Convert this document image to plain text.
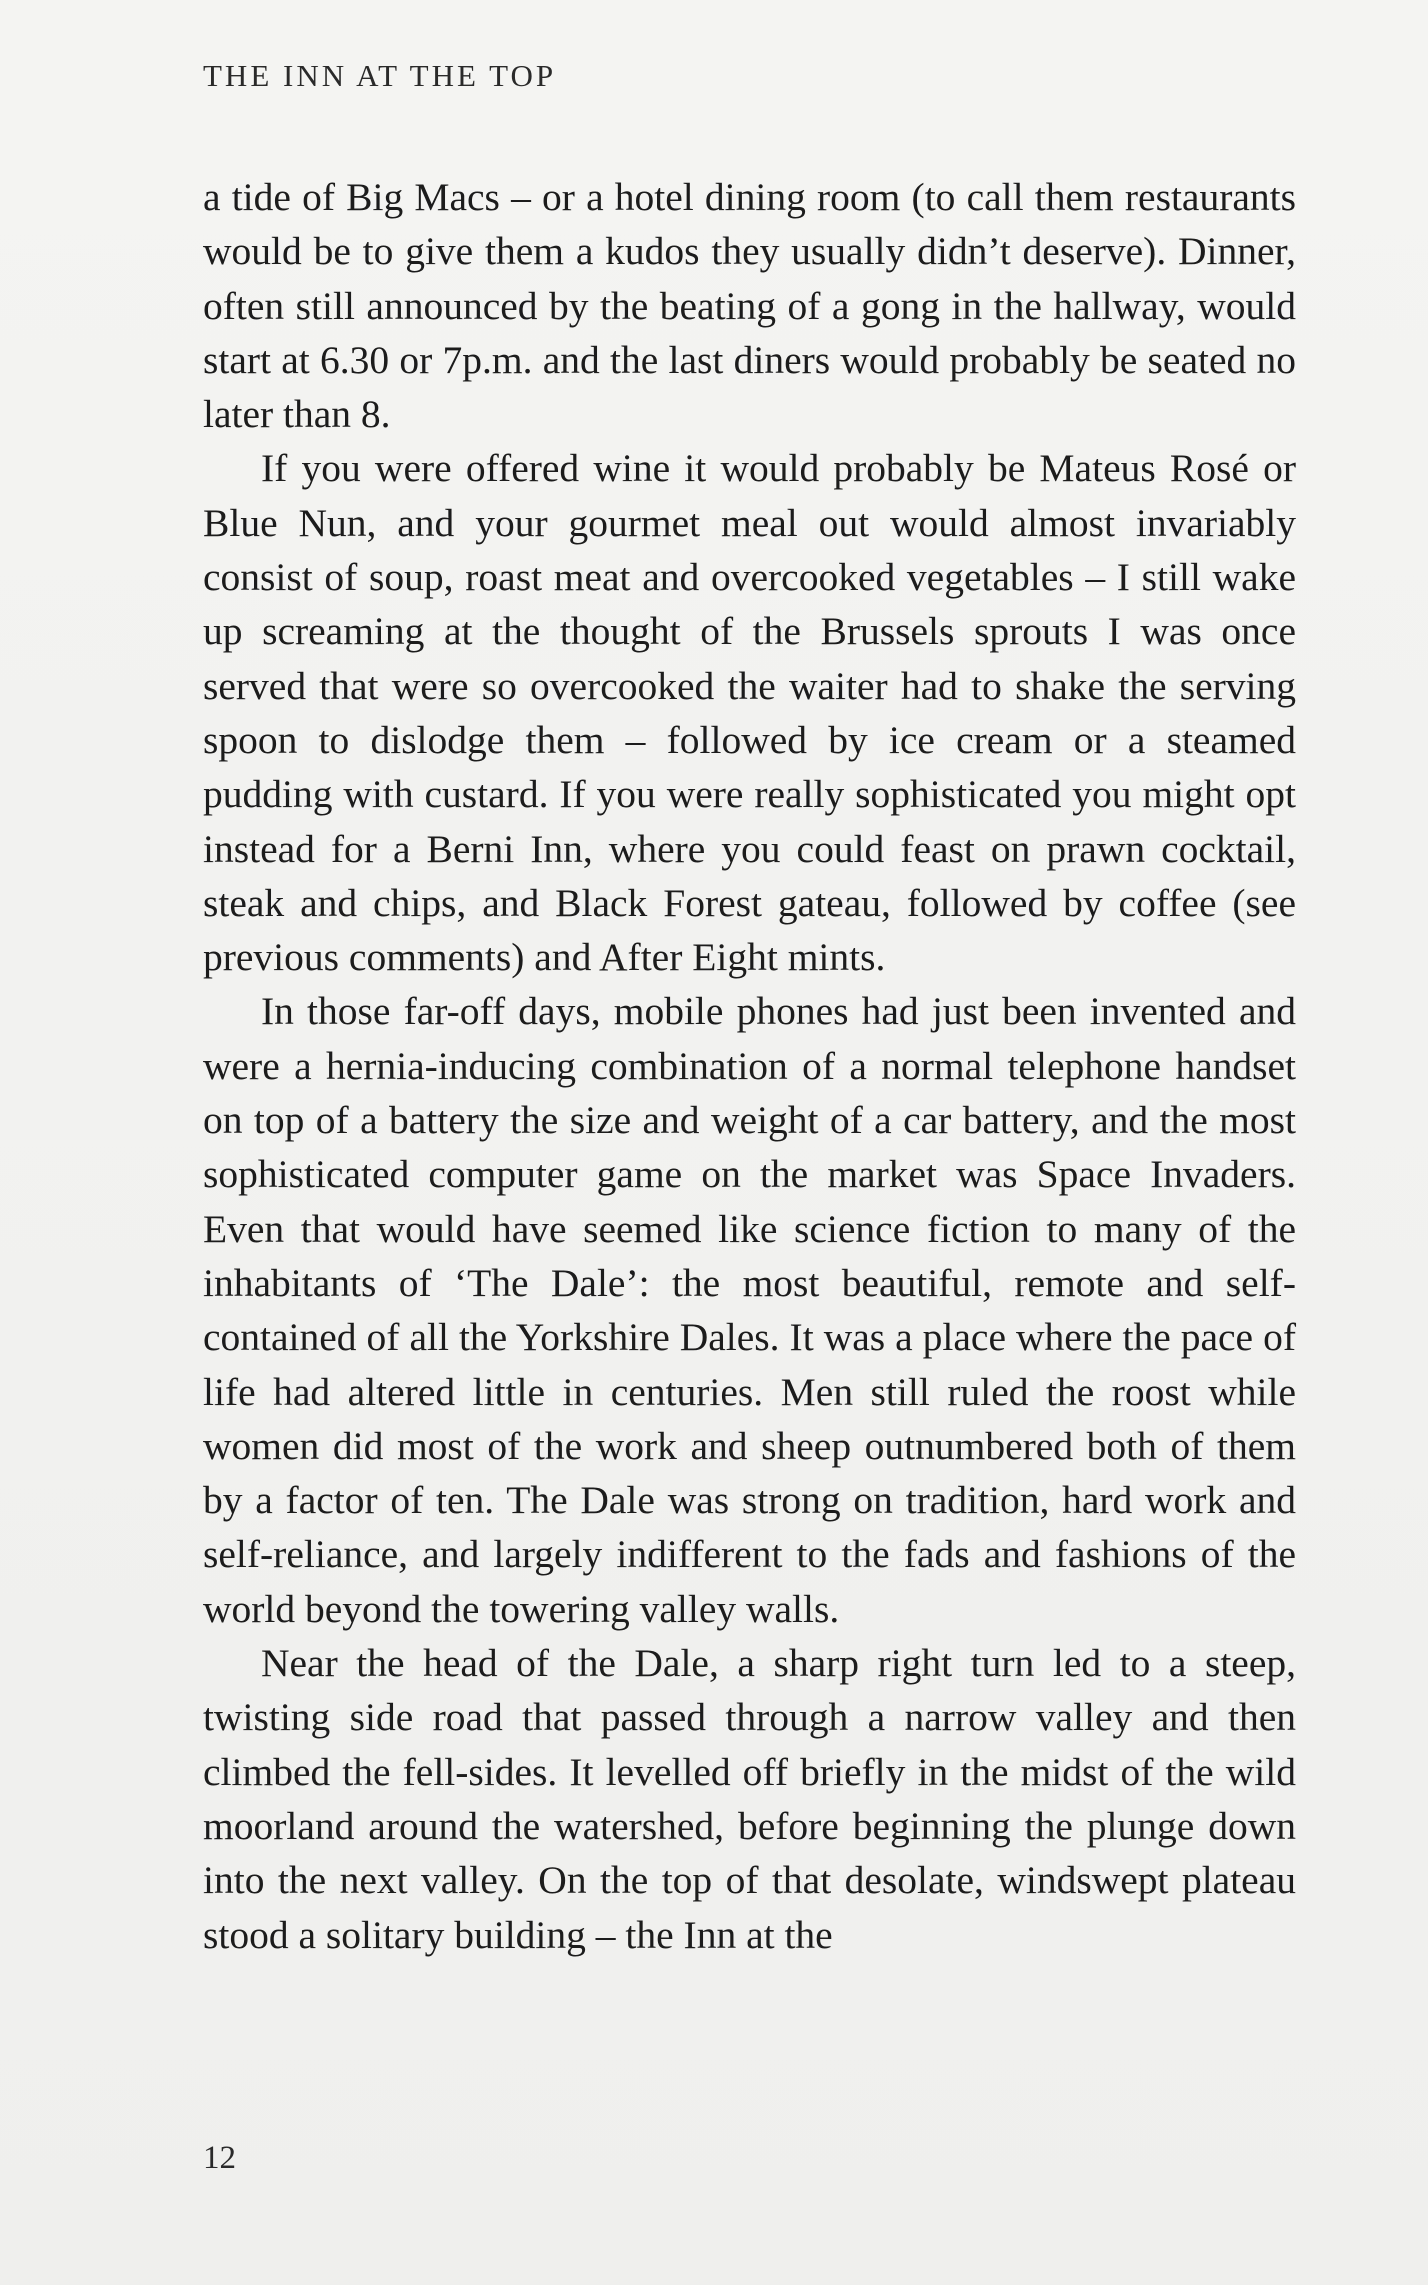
THE INN AT THE TOP

a tide of Big Macs – or a hotel dining room (to call them restaurants would be to give them a kudos they usually didn’t deserve). Dinner, often still announced by the beating of a gong in the hallway, would start at 6.30 or 7p.m. and the last diners would probably be seated no later than 8.

If you were offered wine it would probably be Mateus Rosé or Blue Nun, and your gourmet meal out would almost invariably consist of soup, roast meat and overcooked vegetables – I still wake up screaming at the thought of the Brussels sprouts I was once served that were so overcooked the waiter had to shake the serving spoon to dislodge them – followed by ice cream or a steamed pudding with custard. If you were really sophisticated you might opt instead for a Berni Inn, where you could feast on prawn cocktail, steak and chips, and Black Forest gateau, followed by coffee (see previous comments) and After Eight mints.

In those far-off days, mobile phones had just been invented and were a hernia-inducing combination of a normal telephone handset on top of a battery the size and weight of a car battery, and the most sophisticated computer game on the market was Space Invaders. Even that would have seemed like science fiction to many of the inhabitants of ‘The Dale’: the most beautiful, remote and self-contained of all the Yorkshire Dales. It was a place where the pace of life had altered little in centuries. Men still ruled the roost while women did most of the work and sheep outnumbered both of them by a factor of ten. The Dale was strong on tradition, hard work and self-reliance, and largely indifferent to the fads and fashions of the world beyond the towering valley walls.

Near the head of the Dale, a sharp right turn led to a steep, twisting side road that passed through a narrow valley and then climbed the fell-sides. It levelled off briefly in the midst of the wild moorland around the watershed, before beginning the plunge down into the next valley. On the top of that desolate, windswept plateau stood a solitary building – the Inn at the

12
